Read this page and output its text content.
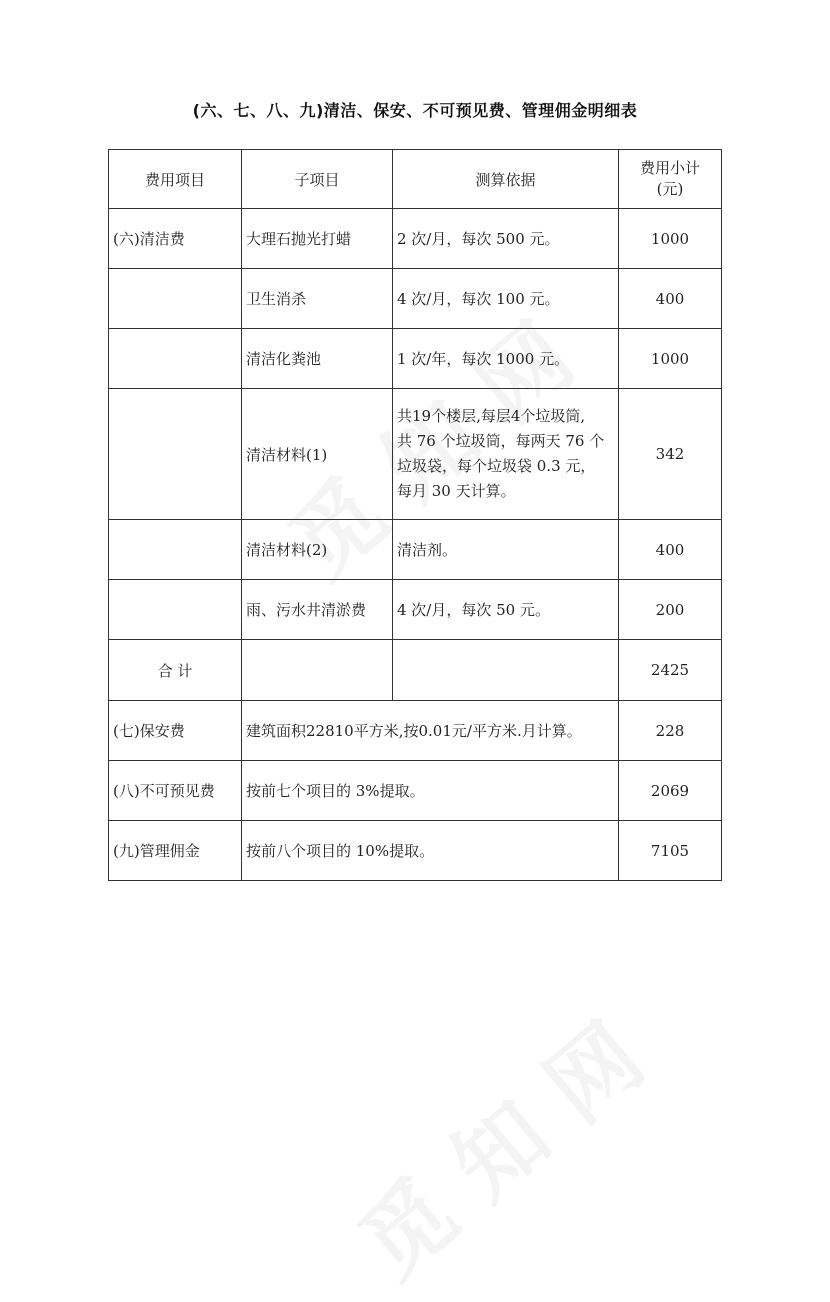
(六、七、八、九)清洁、保安、不可预见费、管理佣金明细表
费用项目	子项目	测算依据	费用小计
(元)

(六)清洁费	大理石抛光打蜡	2 次/月，每次 500 元。	1000
	卫生消杀	4 次/月，每次 100 元。	400
	清洁化粪池	1 次/年，每次 1000 元。	1000
	清洁材料(1)	共19个楼层,每层4个垃圾筒,
共 76 个垃圾筒，每两天 76 个
垃圾袋，每个垃圾袋 0.3 元，
每月 30 天计算。	342
	清洁材料(2)	清洁剂。	400
	雨、污水井清淤费	4 次/月，每次 50 元。	200
合 计			2425
(七)保安费	建筑面积22810平方米,按0.01元/平方米.月计算。		228
(八)不可预见费	按前七个项目的 3%提取。		2069
(九)管理佣金	按前八个项目的 10%提取。		7105
